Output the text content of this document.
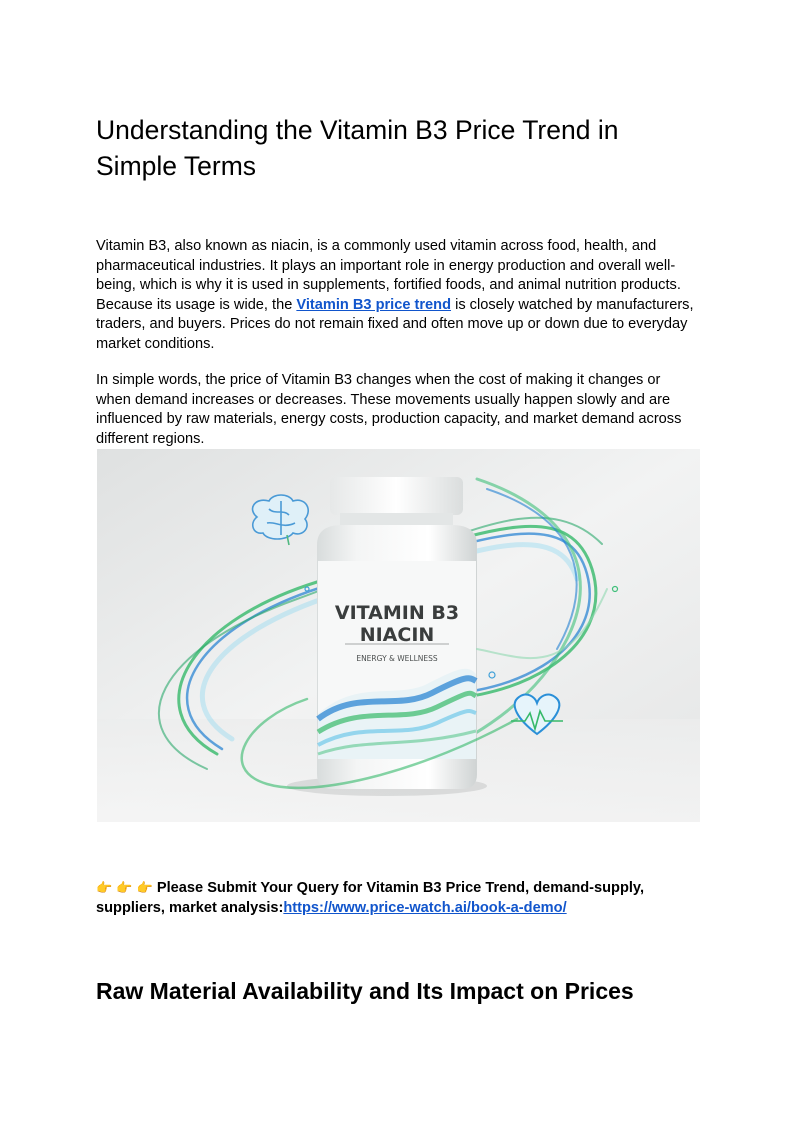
Understanding the Vitamin B3 Price Trend in Simple Terms

Vitamin B3, also known as niacin, is a commonly used vitamin across food, health, and pharmaceutical industries. It plays an important role in energy production and overall well-being, which is why it is used in supplements, fortified foods, and animal nutrition products. Because its usage is wide, the Vitamin B3 price trend is closely watched by manufacturers, traders, and buyers. Prices do not remain fixed and often move up or down due to everyday market conditions.

In simple words, the price of Vitamin B3 changes when the cost of making it changes or when demand increases or decreases. These movements usually happen slowly and are influenced by raw materials, energy costs, production capacity, and market demand across different regions.

VITAMIN B3
NIACIN
ENERGY & WELLNESS

👉 👉 👉 Please Submit Your Query for Vitamin B3 Price Trend, demand-supply, suppliers, market analysis:https://www.price-watch.ai/book-a-demo/

Raw Material Availability and Its Impact on Prices
